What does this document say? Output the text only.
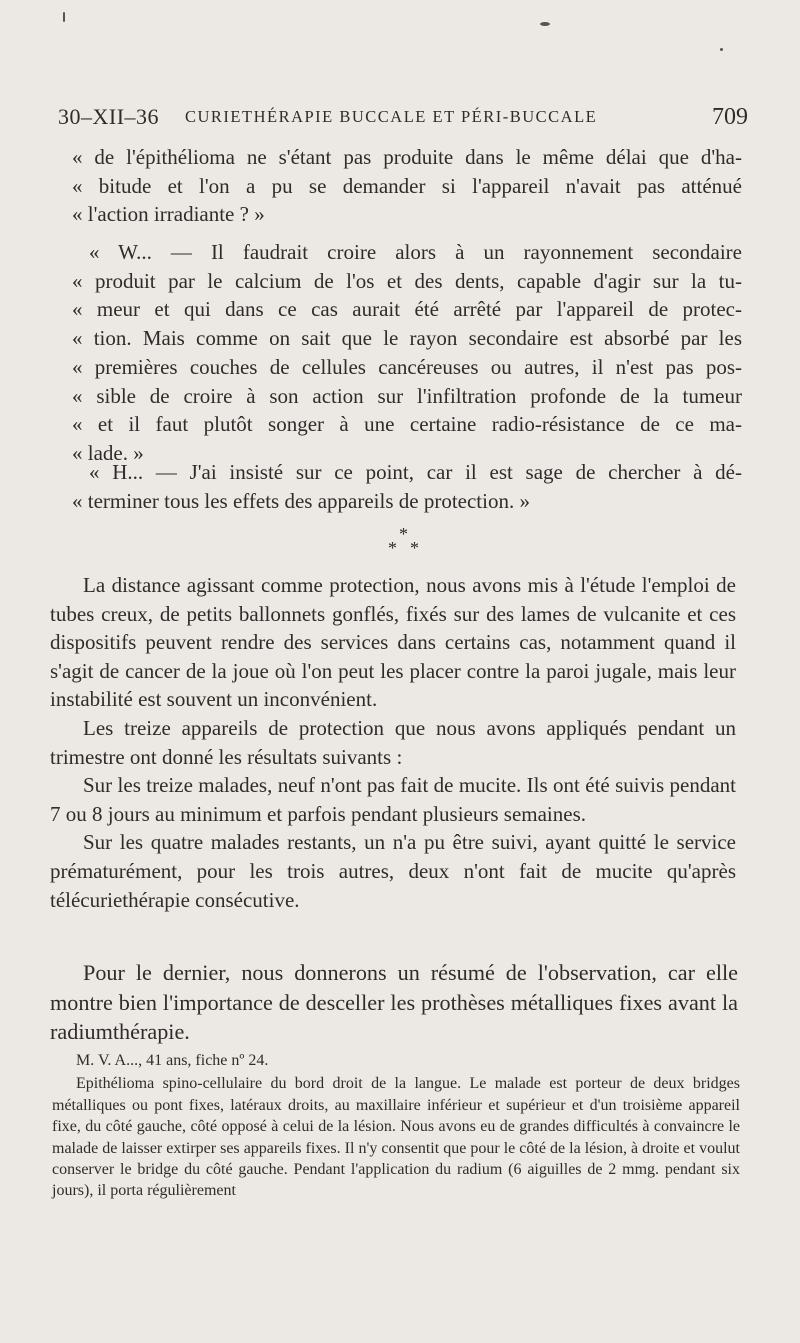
30–XII–36 CURIETHÉRAPIE BUCCALE ET PÉRI-BUCCALE	709

« de l'épithélioma ne s'étant pas produite dans le même délai que d'ha-

« bitude et l'on a pu se demander si l'appareil n'avait pas atténué

« l'action irradiante ? »

« W... — Il faudrait croire alors à un rayonnement secondaire

« produit par le calcium de l'os et des dents, capable d'agir sur la tu-

« meur et qui dans ce cas aurait été arrêté par l'appareil de protec-

« tion. Mais comme on sait que le rayon secondaire est absorbé par les

« premières couches de cellules cancéreuses ou autres, il n'est pas pos-

« sible de croire à son action sur l'infiltration profonde de la tumeur

« et il faut plutôt songer à une certaine radio-résistance de ce ma-

« lade. »

« H... — J'ai insisté sur ce point, car il est sage de chercher à dé-

« terminer tous les effets des appareils de protection. »

*
* *

La distance agissant comme protection, nous avons mis à l'étude l'emploi de tubes creux, de petits ballonnets gonflés, fixés sur des lames de vulcanite et ces dispositifs peuvent rendre des services dans certains cas, notamment quand il s'agit de cancer de la joue où l'on peut les placer contre la paroi jugale, mais leur instabilité est souvent un inconvénient.

Les treize appareils de protection que nous avons appliqués pendant un trimestre ont donné les résultats suivants :

Sur les treize malades, neuf n'ont pas fait de mucite. Ils ont été suivis pendant 7 ou 8 jours au minimum et parfois pendant plusieurs semaines.

Sur les quatre malades restants, un n'a pu être suivi, ayant quitté le service prématurément, pour les trois autres, deux n'ont fait de mucite qu'après télécuriethérapie consécutive.

Pour le dernier, nous donnerons un résumé de l'observation, car elle montre bien l'importance de desceller les prothèses métalliques fixes avant la radiumthérapie.

M. V. A..., 41 ans, fiche nº 24.

Epithélioma spino-cellulaire du bord droit de la langue. Le malade est porteur de deux bridges métalliques ou pont fixes, latéraux droits, au maxillaire inférieur et supérieur et d'un troisième appareil fixe, du côté gauche, côté opposé à celui de la lésion. Nous avons eu de grandes difficultés à convaincre le malade de laisser extirper ses appareils fixes. Il n'y consentit que pour le côté de la lésion, à droite et voulut conserver le bridge du côté gauche. Pendant l'application du radium (6 aiguilles de 2 mmg. pendant six jours), il porta régulièrement
